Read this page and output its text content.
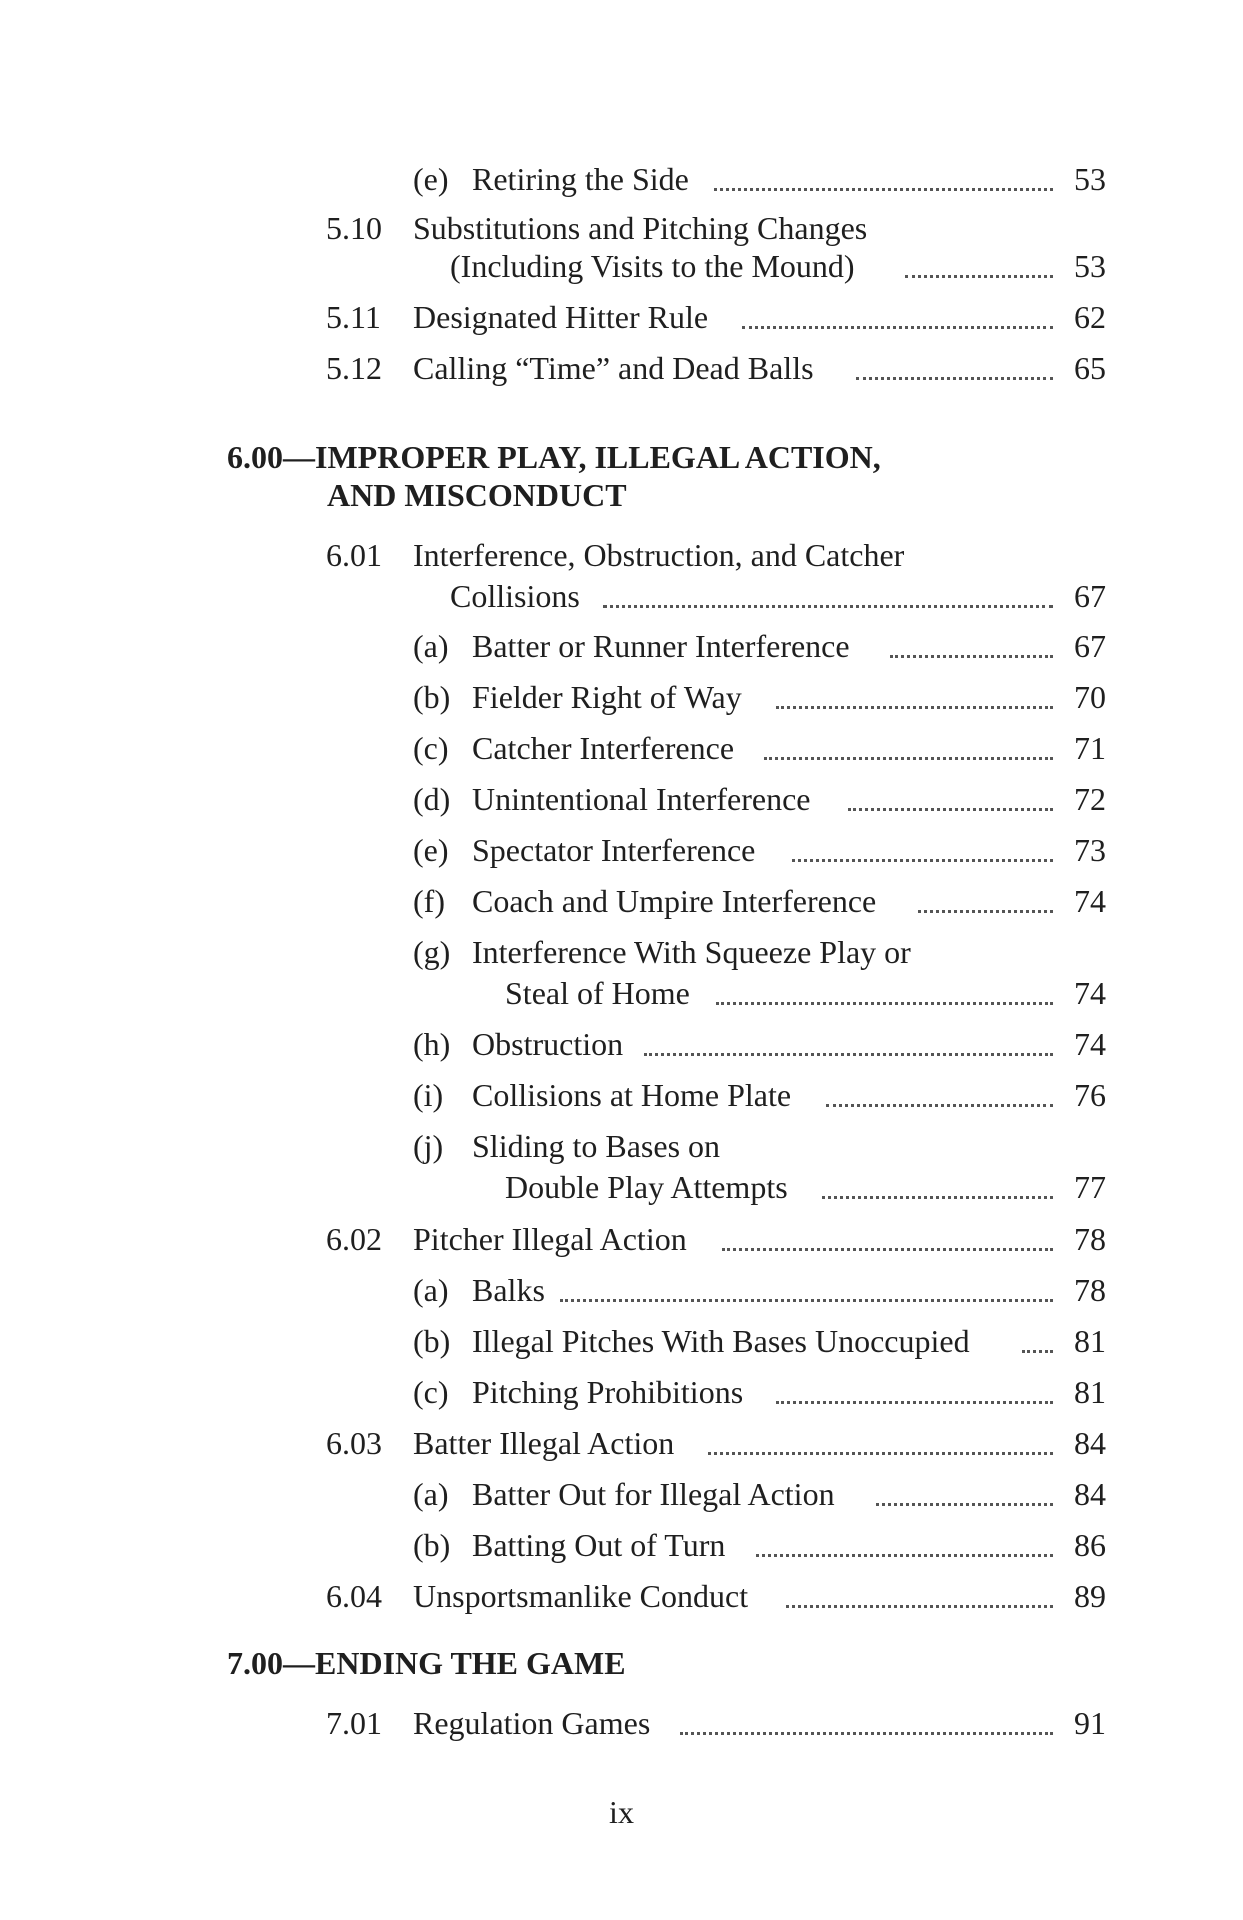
(e) Retiring the Side	53
5.10 Substitutions and Pitching Changes
(Including Visits to the Mound)	53
5.11 Designated Hitter Rule	62
5.12 Calling “Time” and Dead Balls	65
6.00—IMPROPER PLAY, ILLEGAL ACTION,
AND MISCONDUCT
6.01 Interference, Obstruction, and Catcher
Collisions	67
(a) Batter or Runner Interference	67
(b) Fielder Right of Way	70
(c) Catcher Interference	71
(d) Unintentional Interference	72
(e) Spectator Interference	73
(f) Coach and Umpire Interference	74
(g) Interference With Squeeze Play or
Steal of Home	74
(h) Obstruction	74
(i) Collisions at Home Plate	76
(j) Sliding to Bases on
Double Play Attempts	77
6.02 Pitcher Illegal Action	78
(a) Balks	78
(b) Illegal Pitches With Bases Unoccupied	81
(c) Pitching Prohibitions	81
6.03 Batter Illegal Action	84
(a) Batter Out for Illegal Action	84
(b) Batting Out of Turn	86
6.04 Unsportsmanlike Conduct	89
7.00—ENDING THE GAME
7.01 Regulation Games	91
ix
